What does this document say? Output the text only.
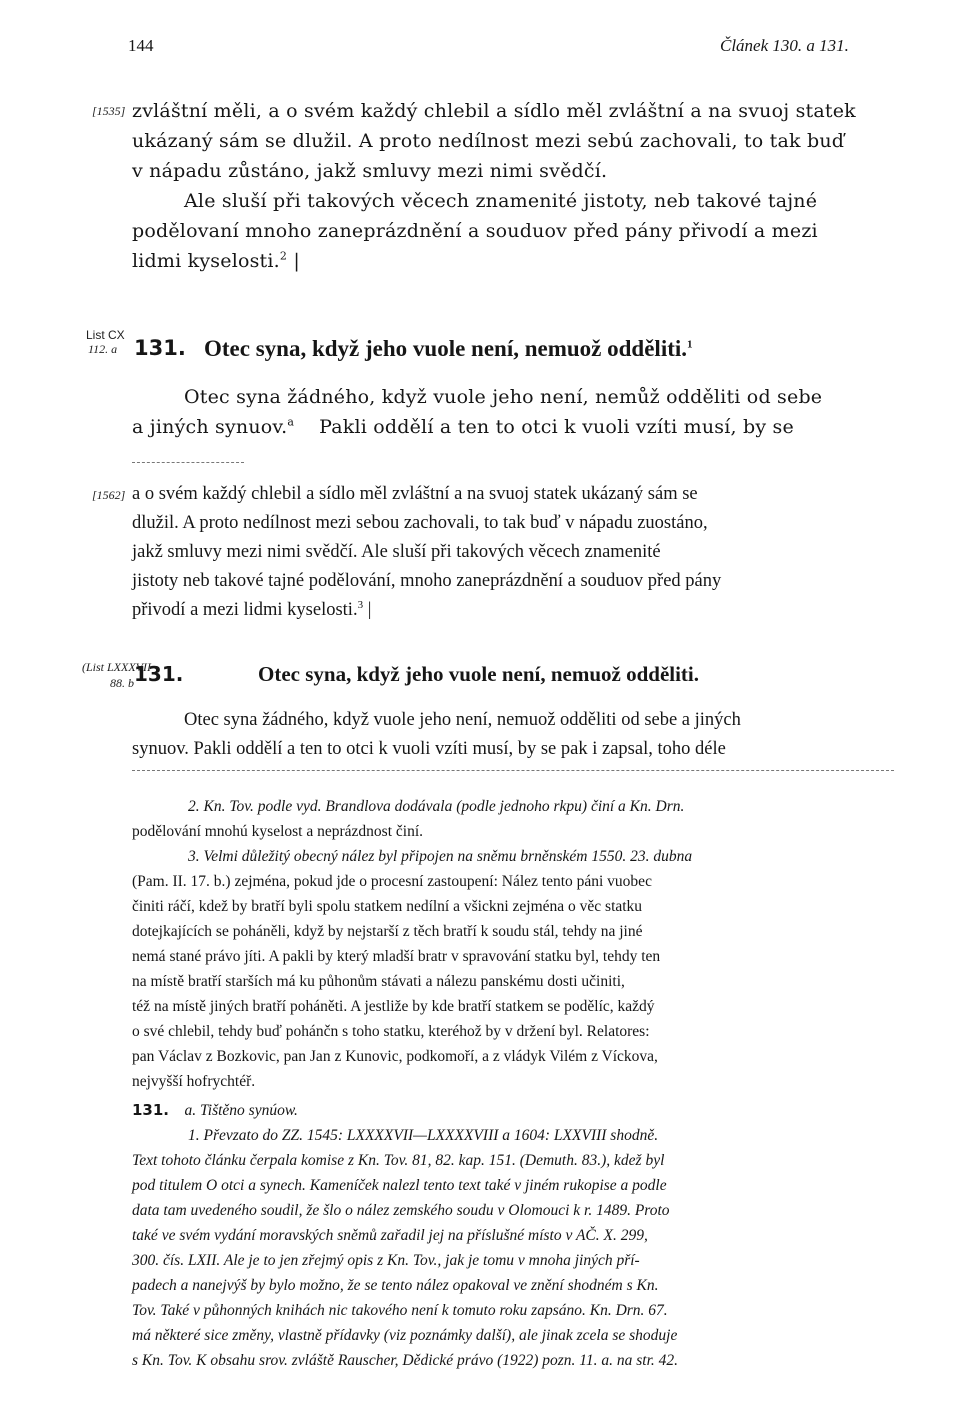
144	Článek 130. a 131.
[1535] zvláštní měli, a o svém každý chlebil a sídlo měl zvláštní a na svuoj statek
ukázaný sám se dlužil. A proto nedílnost mezi sebú zachovali, to tak buď
v nápadu zůstáno, jakž smluvy mezi nimi svědčí.
Ale sluší při takových věcech znamenité jistoty, neb takové tajné
podělovaní mnoho zaneprázdnění a souduov před pány přivodí a mezi
lidmi kyselosti.$^2$ |
List CX
112. a 131. Otec syna, když jeho vuole není, nemuož odděliti.$^1$
Otec syna žádného, když vuole jeho není, nemůž odděliti od sebe
a jiných synuov.$^a$ Pakli oddělí a ten to otci k vuoli vzíti musí, by se
[1562] a o svém každý chlebil a sídlo měl zvláštní a na svuoj statek ukázaný sám se
dlužil. A proto nedílnost mezi sebou zachovali, to tak buď v nápadu zuostáno,
jakž smluvy mezi nimi svědčí. Ale sluší při takových věcech znamenité
jistoty neb takové tajné podělování, mnoho zaneprázdnění a souduov před pány
přivodí a mezi lidmi kyselosti.$^3$ |
(List LXXXVII
88. b 131.	Otec syna, když jeho vuole není, nemuož odděliti.
Otec syna žádného, když vuole jeho není, nemuož odděliti od sebe a jiných
synuov. Pakli oddělí a ten to otci k vuoli vzíti musí, by se pak i zapsal, toho déle
2. Kn. Tov. podle vyd. Brandlova dodávala (podle jednoho rkpu) činí a Kn. Drn.
podělování mnohú kyselost a neprázdnost činí.
3. Velmi důležitý obecný nález byl připojen na sněmu brněnském 1550. 23. dubna
(Pam. II. 17. b.) zejména, pokud jde o procesní zastoupení: Nález tento páni vuobec
činiti ráčí, kdež by bratří byli spolu statkem nedílní a všickni zejména o věc statku
dotejkajících se poháněli, když by nejstarší z těch bratří k soudu stál, tehdy na jiné
nemá stané právo jíti. A pakli by který mladší bratr v spravování statku byl, tehdy ten
na místě bratří starších má ku půhonům stávati a nálezu panskému dosti učiniti,
též na místě jiných bratří poháněti. A jestliže by kde bratří statkem se podělíc, každý
o své chlebil, tehdy buď pohánčn s toho statku, kteréhož by v držení byl. Relatores:
pan Václav z Bozkovic, pan Jan z Kunovic, podkomoří, a z vládyk Vilém z Víckova,
nejvyšší hofrychtéř.
131. a. Tištěno synúow.
1. Převzato do ZZ. 1545: LXXXXVII—LXXXXVIII a 1604: LXXVIII shodně.
Text tohoto článku čerpala komise z Kn. Tov. 81, 82. kap. 151. (Demuth. 83.), kdež byl
pod titulem O otci a synech. Kameníček nalezl tento text také v jiném rukopise a podle
data tam uvedeného soudil, že šlo o nález zemského soudu v Olomouci k r. 1489. Proto
také ve svém vydání moravských sněmů zařadil jej na příslušné místo v AČ. X. 299,
300. čís. LXII. Ale je to jen zřejmý opis z Kn. Tov., jak je tomu v mnoha jiných pří-
padech a nanejvýš by bylo možno, že se tento nález opakoval ve znění shodném s Kn.
Tov. Také v půhonných knihách nic takového není k tomuto roku zapsáno. Kn. Drn. 67.
má některé sice změny, vlastně přídavky (viz poznámky další), ale jinak zcela se shoduje
s Kn. Tov. K obsahu srov. zvláště Rauscher, Dědické právo (1922) pozn. 11. a. na str. 42.
